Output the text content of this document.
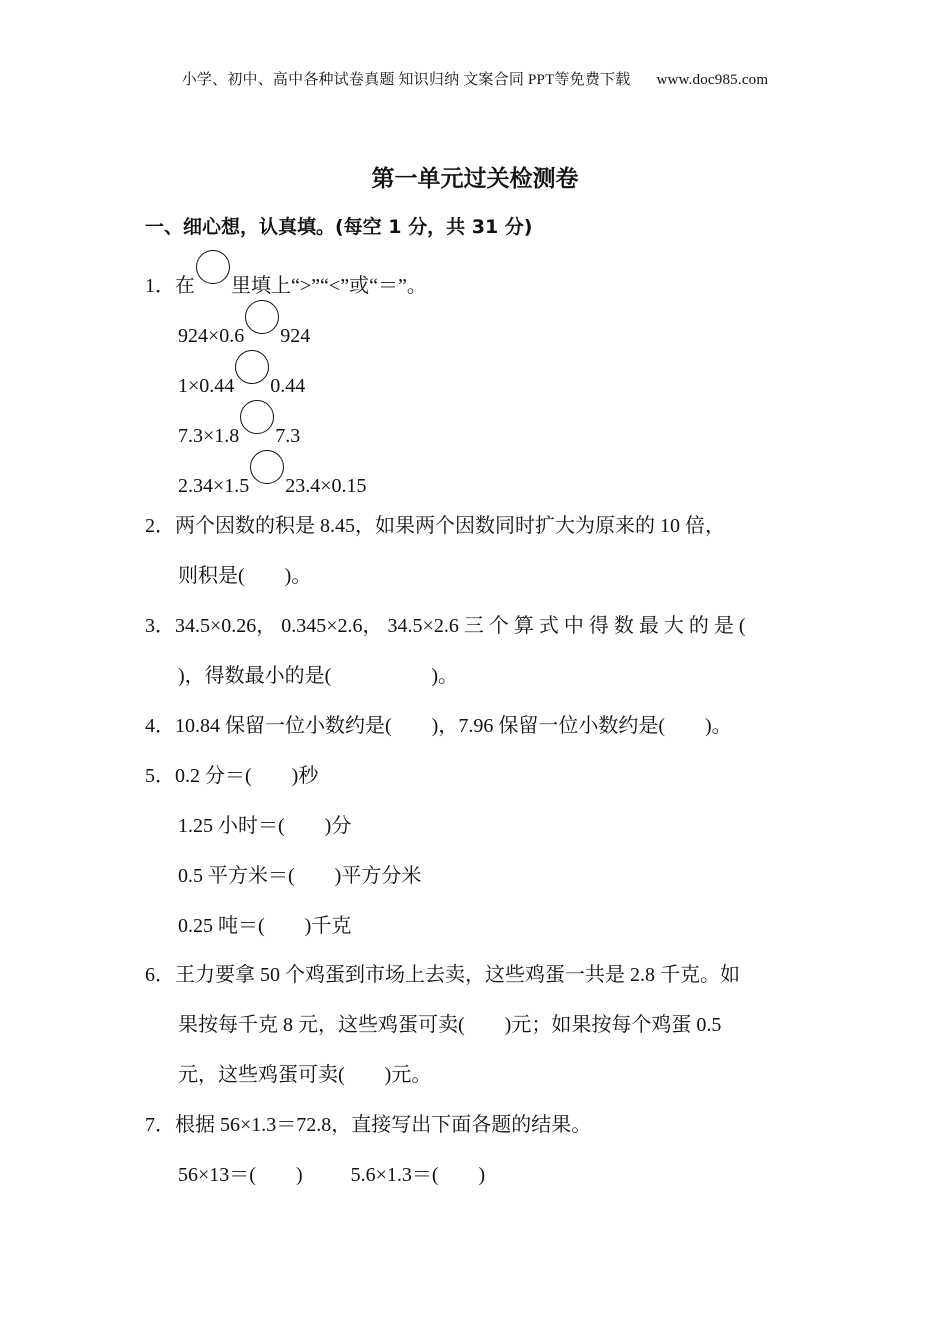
小学、初中、高中各种试卷真题 知识归纳 文案合同 PPT等免费下载 www.doc985.com
第一单元过关检测卷
一、细心想，认真填。(每空 1 分，共 31 分)
1．在 里填上“>”“<”或“＝”。
924×0.6 924
1×0.44 0.44
7.3×1.8 7.3
2.34×1.5 23.4×0.15
2．两个因数的积是 8.45，如果两个因数同时扩大为原来的 10 倍，
则积是(　　)。
3．34.5×0.26， 0.345×2.6， 34.5×2.6 三 个 算 式 中 得 数 最 大 的 是 (
)，得数最小的是(　　　　　)。
4．10.84 保留一位小数约是(　　)，7.96 保留一位小数约是(　　)。
5．0.2 分＝(　　)秒
1.25 小时＝(　　)分
0.5 平方米＝(　　)平方分米
0.25 吨＝(　　)千克
6．王力要拿 50 个鸡蛋到市场上去卖，这些鸡蛋一共是 2.8 千克。如
果按每千克 8 元，这些鸡蛋可卖(　　)元；如果按每个鸡蛋 0.5
元，这些鸡蛋可卖(　　)元。
7．根据 56×1.3＝72.8，直接写出下面各题的结果。
56×13＝(　　) 5.6×1.3＝(　　)
